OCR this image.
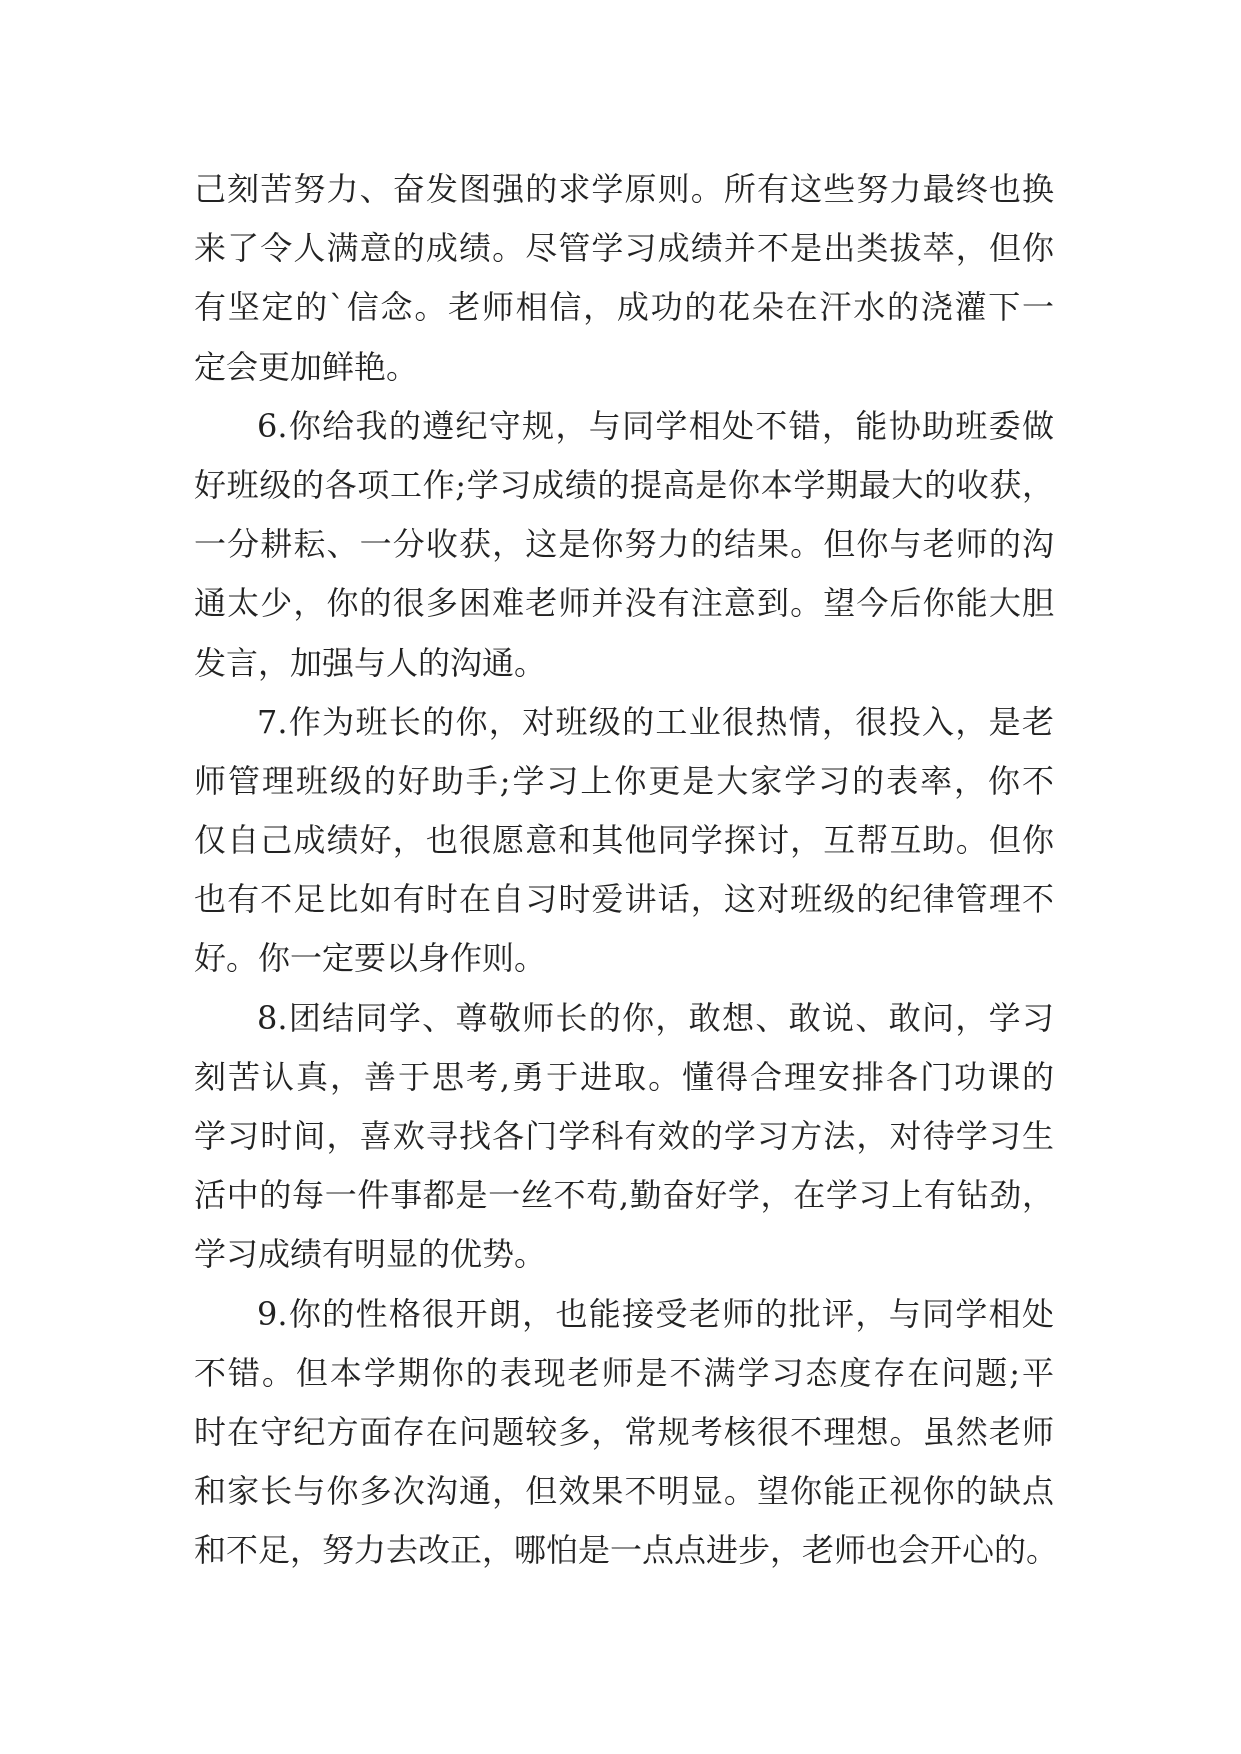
己刻苦努力、奋发图强的求学原则。所有这些努力最终也换
来了令人满意的成绩。尽管学习成绩并不是出类拔萃，但你
有坚定的`信念。老师相信，成功的花朵在汗水的浇灌下一
定会更加鲜艳。
6.你给我的遵纪守规，与同学相处不错，能协助班委做
好班级的各项工作;学习成绩的提高是你本学期最大的收获，
一分耕耘、一分收获，这是你努力的结果。但你与老师的沟
通太少，你的很多困难老师并没有注意到。望今后你能大胆
发言，加强与人的沟通。
7.作为班长的你，对班级的工业很热情，很投入，是老
师管理班级的好助手;学习上你更是大家学习的表率，你不
仅自己成绩好，也很愿意和其他同学探讨，互帮互助。但你
也有不足比如有时在自习时爱讲话，这对班级的纪律管理不
好。你一定要以身作则。
8.团结同学、尊敬师长的你，敢想、敢说、敢问，学习
刻苦认真，善于思考,勇于进取。懂得合理安排各门功课的
学习时间，喜欢寻找各门学科有效的学习方法，对待学习生
活中的每一件事都是一丝不苟,勤奋好学，在学习上有钻劲，
学习成绩有明显的优势。
9.你的性格很开朗，也能接受老师的批评，与同学相处
不错。但本学期你的表现老师是不满学习态度存在问题;平
时在守纪方面存在问题较多，常规考核很不理想。虽然老师
和家长与你多次沟通，但效果不明显。望你能正视你的缺点
和不足，努力去改正，哪怕是一点点进步，老师也会开心的。
